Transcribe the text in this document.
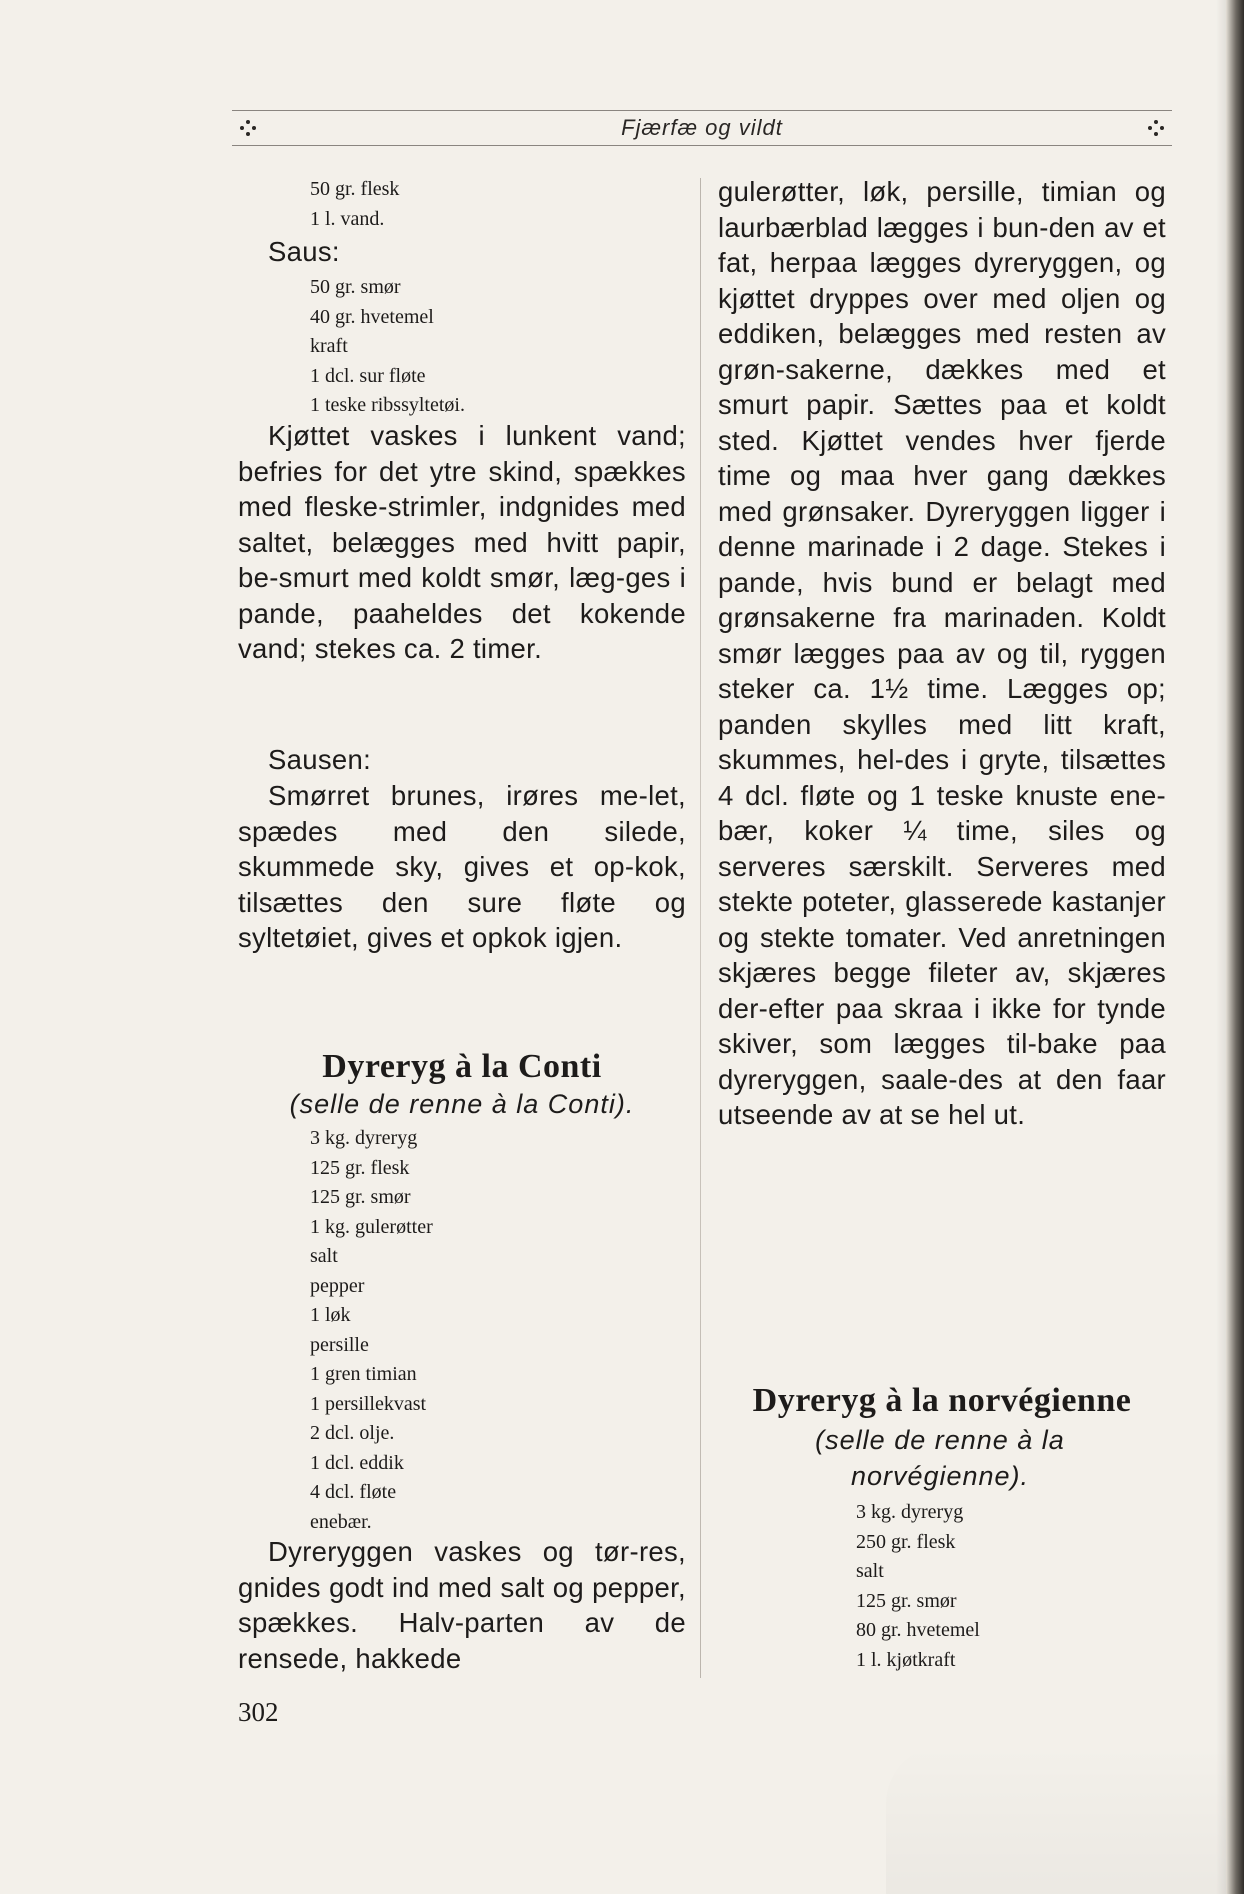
Fjærfæ og vildt
50 gr. flesk
1 l. vand.
Saus:
50 gr. smør
40 gr. hvetemel
kraft
1 dcl. sur fløte
1 teske ribssyltetøi.

Kjøttet vaskes i lunkent vand; befries for det ytre skind, spækkes med fleske-strimler, indgnides med saltet, belægges med hvitt papir, be-smurt med koldt smør, læg-ges i pande, paaheldes det kokende vand; stekes ca. 2 timer.

Sausen:

Smørret brunes, irøres me-let, spædes med den silede, skummede sky, gives et op-kok, tilsættes den sure fløte og syltetøiet, gives et opkok igjen.

Dyreryg à la Conti

(selle de renne à la Conti).

3 kg. dyreryg
125 gr. flesk
125 gr. smør
1 kg. gulerøtter
salt
pepper
1 løk
persille
1 gren timian
1 persillekvast
2 dcl. olje.
1 dcl. eddik
4 dcl. fløte
enebær.

Dyreryggen vaskes og tør-res, gnides godt ind med salt og pepper, spækkes. Halv-parten av de rensede, hakkede

302

gulerøtter, løk, persille, timian og laurbærblad lægges i bun-den av et fat, herpaa lægges dyreryggen, og kjøttet dryppes over med oljen og eddiken, belægges med resten av grøn-sakerne, dækkes med et smurt papir. Sættes paa et koldt sted. Kjøttet vendes hver fjerde time og maa hver gang dækkes med grønsaker. Dyreryggen ligger i denne marinade i 2 dage. Stekes i pande, hvis bund er belagt med grønsakerne fra marinaden. Koldt smør lægges paa av og til, ryggen steker ca. 1½ time. Lægges op; panden skylles med litt kraft, skummes, hel-des i gryte, tilsættes 4 dcl. fløte og 1 teske knuste ene-bær, koker ¼ time, siles og serveres særskilt. Serveres med stekte poteter, glasserede kastanjer og stekte tomater. Ved anretningen skjæres begge fileter av, skjæres der-efter paa skraa i ikke for tynde skiver, som lægges til-bake paa dyreryggen, saale-des at den faar utseende av at se hel ut.

Dyreryg à la norvégienne

(selle de renne à la norvégienne).

3 kg. dyreryg
250 gr. flesk
salt
125 gr. smør
80 gr. hvetemel
1 l. kjøtkraft
